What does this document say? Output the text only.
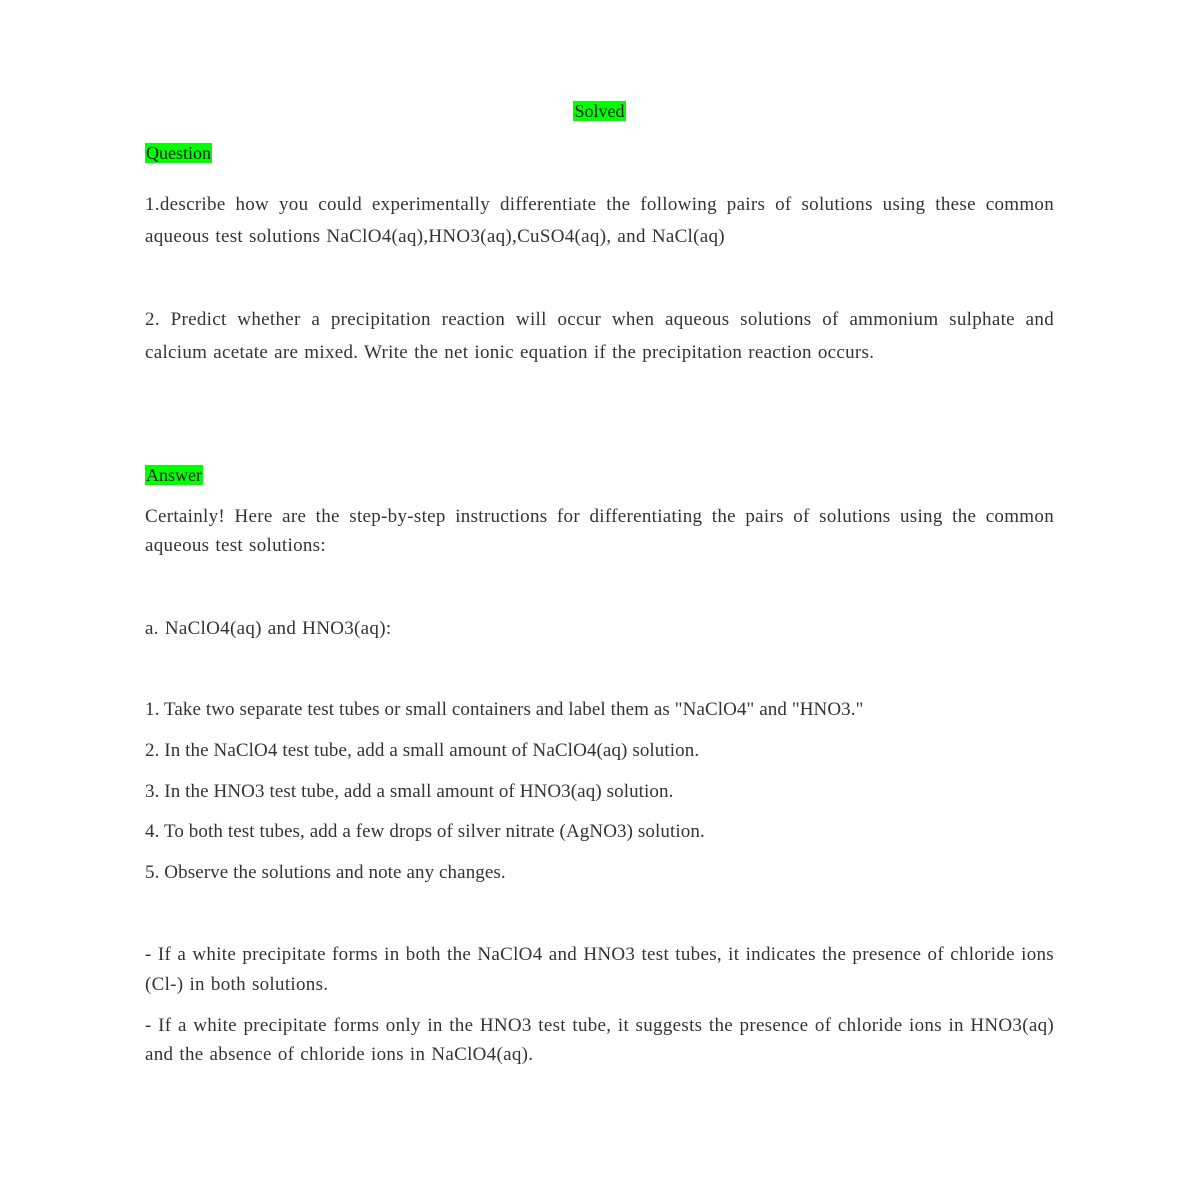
Solved
Question

1.describe how you could experimentally differentiate the following pairs of solutions using these common aqueous test solutions NaClO4(aq),HNO3(aq),CuSO4(aq), and NaCl(aq)

2. Predict whether a precipitation reaction will occur when aqueous solutions of ammonium sulphate and calcium acetate are mixed. Write the net ionic equation if the precipitation reaction occurs.

Answer

Certainly! Here are the step-by-step instructions for differentiating the pairs of solutions using the common aqueous test solutions:

a. NaClO4(aq) and HNO3(aq):

1. Take two separate test tubes or small containers and label them as "NaClO4" and "HNO3."

2. In the NaClO4 test tube, add a small amount of NaClO4(aq) solution.

3. In the HNO3 test tube, add a small amount of HNO3(aq) solution.

4. To both test tubes, add a few drops of silver nitrate (AgNO3) solution.

5. Observe the solutions and note any changes.

- If a white precipitate forms in both the NaClO4 and HNO3 test tubes, it indicates the presence of chloride ions (Cl-) in both solutions.

- If a white precipitate forms only in the HNO3 test tube, it suggests the presence of chloride ions in HNO3(aq) and the absence of chloride ions in NaClO4(aq).
